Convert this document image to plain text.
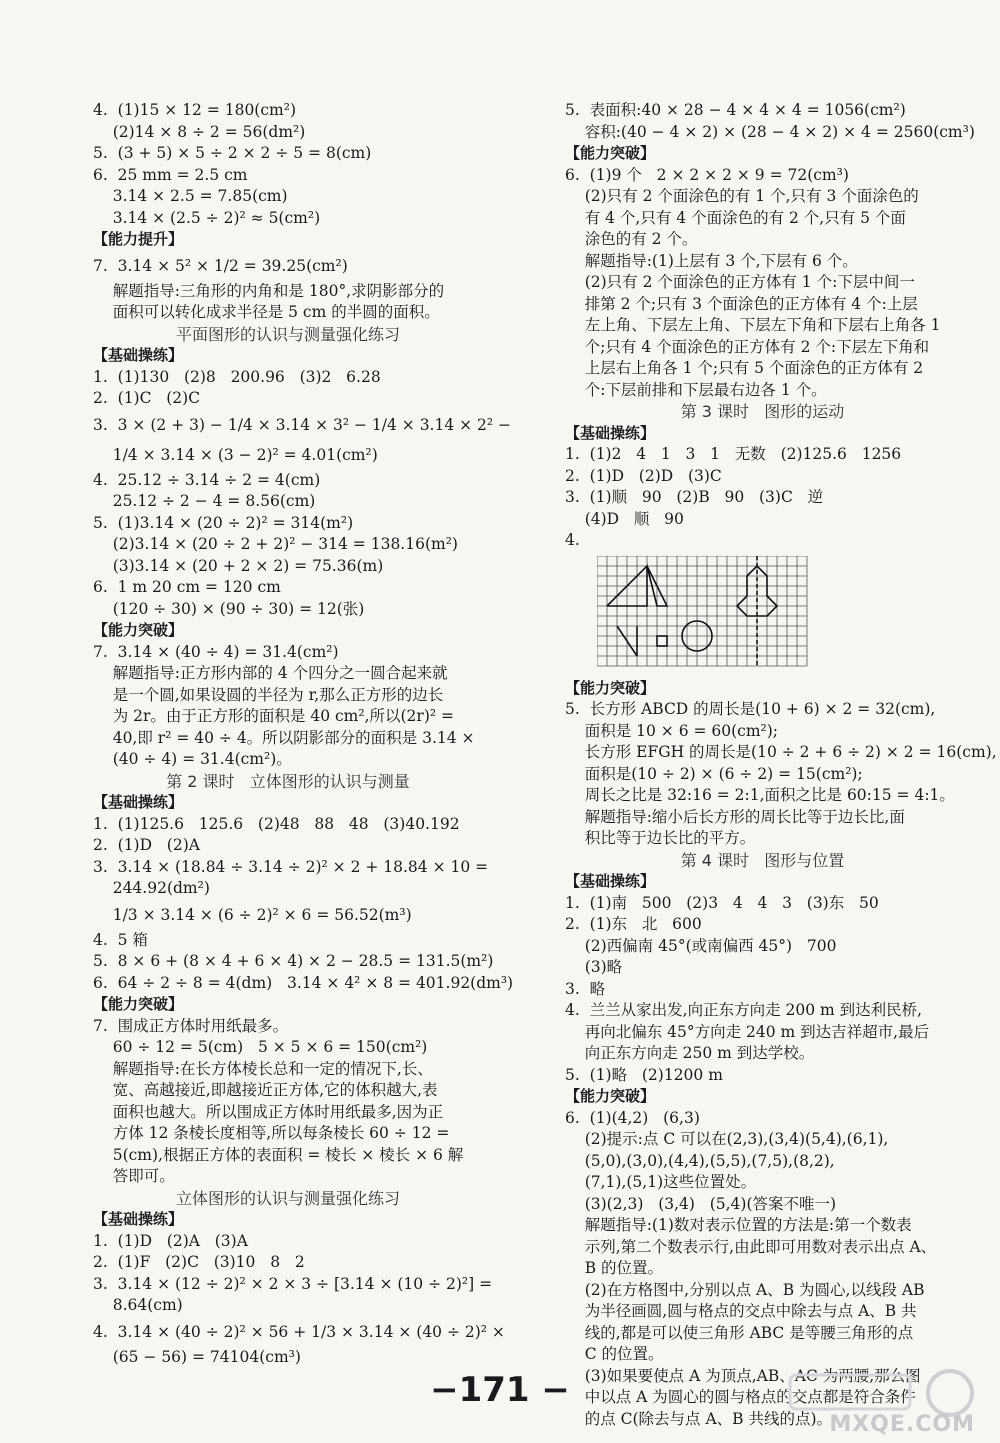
4.  (1)15 × 12 = 180(cm²)
(2)14 × 8 ÷ 2 = 56(dm²)
5.  (3 + 5) × 5 ÷ 2 × 2 ÷ 5 = 8(cm)
6.  25 mm = 2.5 cm
3.14 × 2.5 = 7.85(cm)
3.14 × (2.5 ÷ 2)² ≈ 5(cm²)
【能力提升】
7.  3.14 × 5² × 1/2 = 39.25(cm²)
解题指导:三角形的内角和是 180°,求阴影部分的
面积可以转化成求半径是 5 cm 的半圆的面积。
平面图形的认识与测量强化练习
【基础操练】
1.  (1)130   (2)8   200.96   (3)2   6.28
2.  (1)C   (2)C
3.  3 × (2 + 3) − 1/4 × 3.14 × 3² − 1/4 × 3.14 × 2² −
1/4 × 3.14 × (3 − 2)² = 4.01(cm²)
4.  25.12 ÷ 3.14 ÷ 2 = 4(cm)
25.12 ÷ 2 − 4 = 8.56(cm)
5.  (1)3.14 × (20 ÷ 2)² = 314(m²)
(2)3.14 × (20 ÷ 2 + 2)² − 314 = 138.16(m²)
(3)3.14 × (20 + 2 × 2) = 75.36(m)
6.  1 m 20 cm = 120 cm
(120 ÷ 30) × (90 ÷ 30) = 12(张)
【能力突破】
7.  3.14 × (40 ÷ 4) = 31.4(cm²)
解题指导:正方形内部的 4 个四分之一圆合起来就
是一个圆,如果设圆的半径为 r,那么正方形的边长
为 2r。由于正方形的面积是 40 cm²,所以(2r)² =
40,即 r² = 40 ÷ 4。所以阴影部分的面积是 3.14 ×
(40 ÷ 4) = 31.4(cm²)。
第 2 课时   立体图形的认识与测量
【基础操练】
1.  (1)125.6   125.6   (2)48   88   48   (3)40.192
2.  (1)D   (2)A
3.  3.14 × (18.84 ÷ 3.14 ÷ 2)² × 2 + 18.84 × 10 =
244.92(dm²)
1/3 × 3.14 × (6 ÷ 2)² × 6 = 56.52(m³)
4.  5 箱
5.  8 × 6 + (8 × 4 + 6 × 4) × 2 − 28.5 = 131.5(m²)
6.  64 ÷ 2 ÷ 8 = 4(dm)   3.14 × 4² × 8 = 401.92(dm³)
【能力突破】
7.  围成正方体时用纸最多。
60 ÷ 12 = 5(cm)   5 × 5 × 6 = 150(cm²)
解题指导:在长方体棱长总和一定的情况下,长、
宽、高越接近,即越接近正方体,它的体积越大,表
面积也越大。所以围成正方体时用纸最多,因为正
方体 12 条棱长度相等,所以每条棱长 60 ÷ 12 =
5(cm),根据正方体的表面积 = 棱长 × 棱长 × 6 解
答即可。
立体图形的认识与测量强化练习
【基础操练】
1.  (1)D   (2)A   (3)A
2.  (1)F   (2)C   (3)10   8   2
3.  3.14 × (12 ÷ 2)² × 2 × 3 ÷ [3.14 × (10 ÷ 2)²] =
8.64(cm)
4.  3.14 × (40 ÷ 2)² × 56 + 1/3 × 3.14 × (40 ÷ 2)² ×
(65 − 56) = 74104(cm³)
5.  表面积:40 × 28 − 4 × 4 × 4 = 1056(cm²)
容积:(40 − 4 × 2) × (28 − 4 × 2) × 4 = 2560(cm³)
【能力突破】
6.  (1)9 个   2 × 2 × 2 × 9 = 72(cm³)
(2)只有 2 个面涂色的有 1 个,只有 3 个面涂色的
有 4 个,只有 4 个面涂色的有 2 个,只有 5 个面
涂色的有 2 个。
解题指导:(1)上层有 3 个,下层有 6 个。
(2)只有 2 个面涂色的正方体有 1 个:下层中间一
排第 2 个;只有 3 个面涂色的正方体有 4 个:上层
左上角、下层左上角、下层左下角和下层右上角各 1
个;只有 4 个面涂色的正方体有 2 个:下层左下角和
上层右上角各 1 个;只有 5 个面涂色的正方体有 2
个:下层前排和下层最右边各 1 个。
第 3 课时   图形的运动
【基础操练】
1.  (1)2   4   1   3   1   无数   (2)125.6   1256
2.  (1)D   (2)D   (3)C
3.  (1)顺   90   (2)B   90   (3)C   逆
(4)D   顺   90
4.
【能力突破】
5.  长方形 ABCD 的周长是(10 + 6) × 2 = 32(cm),
面积是 10 × 6 = 60(cm²);
长方形 EFGH 的周长是(10 ÷ 2 + 6 ÷ 2) × 2 = 16(cm),
面积是(10 ÷ 2) × (6 ÷ 2) = 15(cm²);
周长之比是 32:16 = 2:1,面积之比是 60:15 = 4:1。
解题指导:缩小后长方形的周长比等于边长比,面
积比等于边长比的平方。
第 4 课时   图形与位置
【基础操练】
1.  (1)南   500   (2)3   4   4   3   (3)东   50
2.  (1)东   北   600
(2)西偏南 45°(或南偏西 45°)   700
(3)略
3.  略
4.  兰兰从家出发,向正东方向走 200 m 到达利民桥,
再向北偏东 45°方向走 240 m 到达吉祥超市,最后
向正东方向走 250 m 到达学校。
5.  (1)略   (2)1200 m
【能力突破】
6.  (1)(4,2)   (6,3)
(2)提示:点 C 可以在(2,3),(3,4)(5,4),(6,1),
(5,0),(3,0),(4,4),(5,5),(7,5),(8,2),
(7,1),(5,1)这些位置处。
(3)(2,3)   (3,4)   (5,4)(答案不唯一)
解题指导:(1)数对表示位置的方法是:第一个数表
示列,第二个数表示行,由此即可用数对表示出点 A、
B 的位置。
(2)在方格图中,分别以点 A、B 为圆心,以线段 AB
为半径画圆,圆与格点的交点中除去与点 A、B 共
线的,都是可以使三角形 ABC 是等腰三角形的点
C 的位置。
(3)如果要使点 A 为顶点,AB、AC 为两腰,那么图
中以点 A 为圆心的圆与格点的交点都是符合条件
的点 C(除去与点 A、B 共线的点)。
−171 −
MXQE.COM
